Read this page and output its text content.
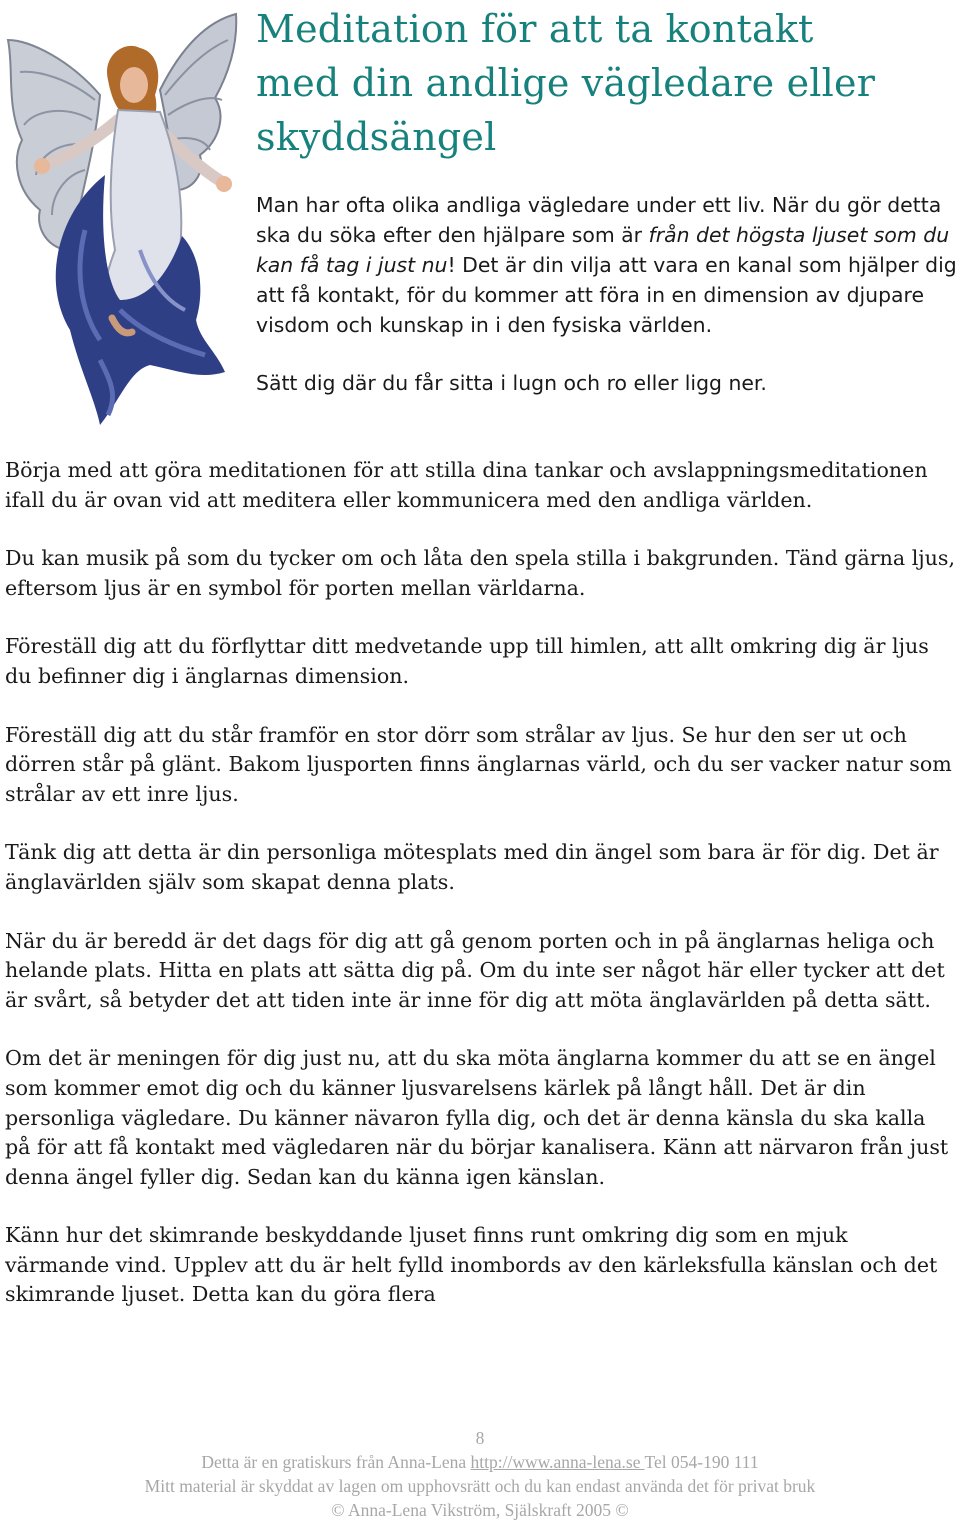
Meditation för att ta kontakt
med din andlige vägledare eller
skyddsängel

Man har ofta olika andliga vägledare under ett liv. När du gör detta ska du söka efter den hjälpare som är från det högsta ljuset som du kan få tag i just nu! Det är din vilja att vara en kanal som hjälper dig att få kontakt, för du kommer att föra in en dimension av djupare visdom och kunskap in i den fysiska världen.

Sätt dig där du får sitta i lugn och ro eller ligg ner.

Börja med att göra meditationen för att stilla dina tankar och avslappningsmeditationen ifall du är ovan vid att meditera eller kommunicera med den andliga världen.

Du kan musik på som du tycker om och låta den spela stilla i bakgrunden. Tänd gärna ljus, eftersom ljus är en symbol för porten mellan världarna.

Föreställ dig att du förflyttar ditt medvetande upp till himlen, att allt omkring dig är ljus du befinner dig i änglarnas dimension.

Föreställ dig att du står framför en stor dörr som strålar av ljus. Se hur den ser ut och dörren står på glänt. Bakom ljusporten finns änglarnas värld, och du ser vacker natur som strålar av ett inre ljus.

Tänk dig att detta är din personliga mötesplats med din ängel som bara är för dig. Det är änglavärlden själv som skapat denna plats.

När du är beredd är det dags för dig att gå genom porten och in på änglarnas heliga och helande plats. Hitta en plats att sätta dig på. Om du inte ser något här eller tycker att det är svårt, så betyder det att tiden inte är inne för dig att möta änglavärlden på detta sätt.

Om det är meningen för dig just nu, att du ska möta änglarna kommer du att se en ängel som kommer emot dig och du känner ljusvarelsens kärlek på långt håll. Det är din personliga vägledare. Du känner nävaron fylla dig, och det är denna känsla du ska kalla på för att få kontakt med vägledaren när du börjar kanalisera. Känn att närvaron från just denna ängel fyller dig. Sedan kan du känna igen känslan.

Känn hur det skimrande beskyddande ljuset finns runt omkring dig som en mjuk värmande vind. Upplev att du är helt fylld inombords av den kärleksfulla känslan och det skimrande ljuset. Detta kan du göra flera

8
Detta är en gratiskurs från Anna-Lena http://www.anna-lena.se Tel 054-190 111
Mitt material är skyddat av lagen om upphovsrätt och du kan endast använda det för privat bruk
© Anna-Lena Vikström, Själskraft 2005 ©
